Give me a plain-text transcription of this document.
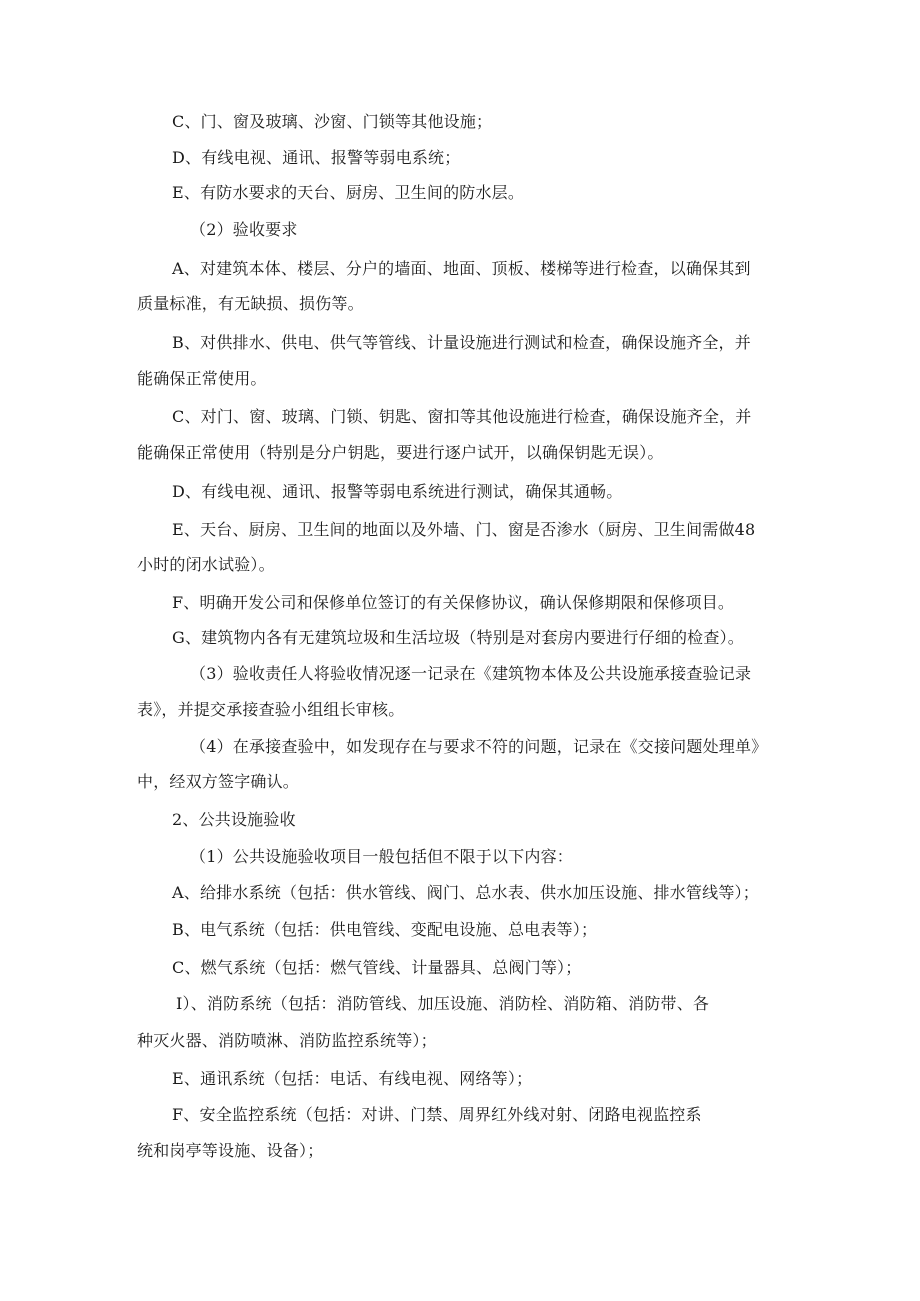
C、门、窗及玻璃、沙窗、门锁等其他设施；
D、有线电视、通讯、报警等弱电系统；
E、有防水要求的天台、厨房、卫生间的防水层。
（2）验收要求
A、对建筑本体、楼层、分户的墙面、地面、顶板、楼梯等进行检查，以确保其到
质量标准，有无缺损、损伤等。
B、对供排水、供电、供气等管线、计量设施进行测试和检查，确保设施齐全，并
能确保正常使用。
C、对门、窗、玻璃、门锁、钥匙、窗扣等其他设施进行检查，确保设施齐全，并
能确保正常使用（特别是分户钥匙，要进行逐户试开，以确保钥匙无误）。
D、有线电视、通讯、报警等弱电系统进行测试，确保其通畅。
E、天台、厨房、卫生间的地面以及外墙、门、窗是否渗水（厨房、卫生间需做48
小时的闭水试验）。
F、明确开发公司和保修单位签订的有关保修协议，确认保修期限和保修项目。
G、建筑物内各有无建筑垃圾和生活垃圾（特别是对套房内要进行仔细的检查）。
（3）验收责任人将验收情况逐一记录在《建筑物本体及公共设施承接查验记录
表》，并提交承接查验小组组长审核。
（4）在承接查验中，如发现存在与要求不符的问题，记录在《交接问题处理单》
中，经双方签字确认。
2、公共设施验收
（1）公共设施验收项目一般包括但不限于以下内容：
A、给排水系统（包括：供水管线、阀门、总水表、供水加压设施、排水管线等）；
B、电气系统（包括：供电管线、变配电设施、总电表等）；
C、燃气系统（包括：燃气管线、计量器具、总阀门等）；
I）、消防系统（包括：消防管线、加压设施、消防栓、消防箱、消防带、各
种灭火器、消防喷淋、消防监控系统等）；
E、通讯系统（包括：电话、有线电视、网络等）；
F、安全监控系统（包括：对讲、门禁、周界红外线对射、闭路电视监控系
统和岗亭等设施、设备）；
